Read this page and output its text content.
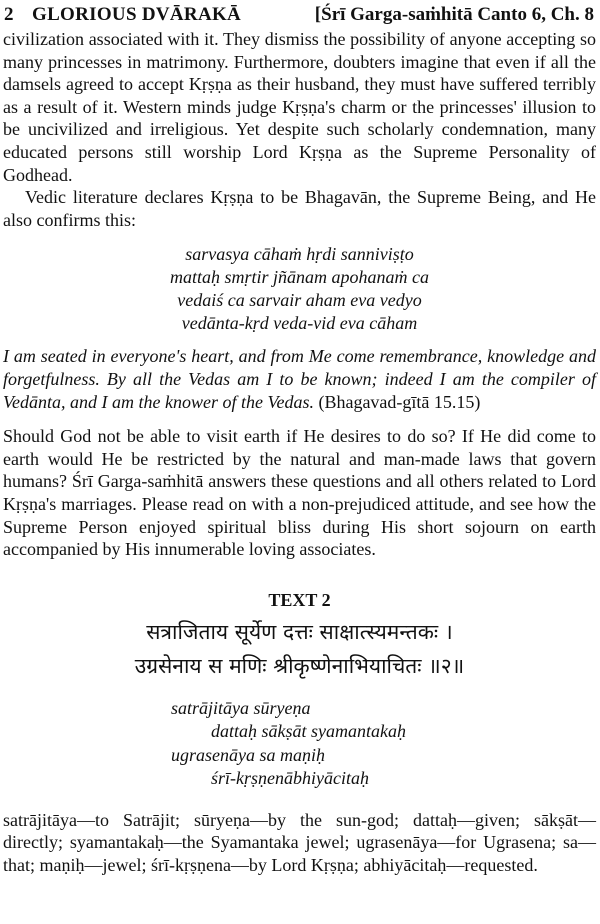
2 GLORIOUS DVĀRAKĀ	[Śrī Garga-saṁhitā Canto 6, Ch. 8

civilization associated with it. They dismiss the possibility of anyone accepting so many princesses in matrimony. Furthermore, doubters imagine that even if all the damsels agreed to accept Kṛṣṇa as their husband, they must have suffered terribly as a result of it. Western minds judge Kṛṣṇa's charm or the princesses' illusion to be uncivilized and irreligious. Yet despite such scholarly condemnation, many educated persons still worship Lord Kṛṣṇa as the Supreme Personality of Godhead.

Vedic literature declares Kṛṣṇa to be Bhagavān, the Supreme Being, and He also confirms this:

sarvasya cāhaṁ hṛdi sanniviṣṭo
mattaḥ smṛtir jñānam apohanaṁ ca
vedaiś ca sarvair aham eva vedyo
vedānta-kṛd veda-vid eva cāham

I am seated in everyone's heart, and from Me come remembrance, knowledge and forgetfulness. By all the Vedas am I to be known; indeed I am the compiler of Vedānta, and I am the knower of the Vedas. (Bhagavad-gītā 15.15)

Should God not be able to visit earth if He desires to do so? If He did come to earth would He be restricted by the natural and man-made laws that govern humans? Śrī Garga-saṁhitā answers these questions and all others related to Lord Kṛṣṇa's marriages. Please read on with a non-prejudiced attitude, and see how the Supreme Person enjoyed spiritual bliss during His short sojourn on earth accompanied by His innumerable loving associates.

TEXT 2
सत्राजिताय सूर्येण दत्तः साक्षात्स्यमन्तकः ।
उग्रसेनाय स मणिः श्रीकृष्णेनाभियाचितः ॥२॥
satrājitāya sūryeṇa
dattaḥ sākṣāt syamantakaḥ
ugrasenāya sa maṇiḥ
śrī-kṛṣṇenābhiyācitaḥ

satrājitāya—to Satrājit; sūryeṇa—by the sun-god; dattaḥ—given; sākṣāt—directly; syamantakaḥ—the Syamantaka jewel; ugrasenāya—for Ugrasena; sa—that; maṇiḥ—jewel; śrī-kṛṣṇena—by Lord Kṛṣṇa; abhiyācitaḥ—requested.
